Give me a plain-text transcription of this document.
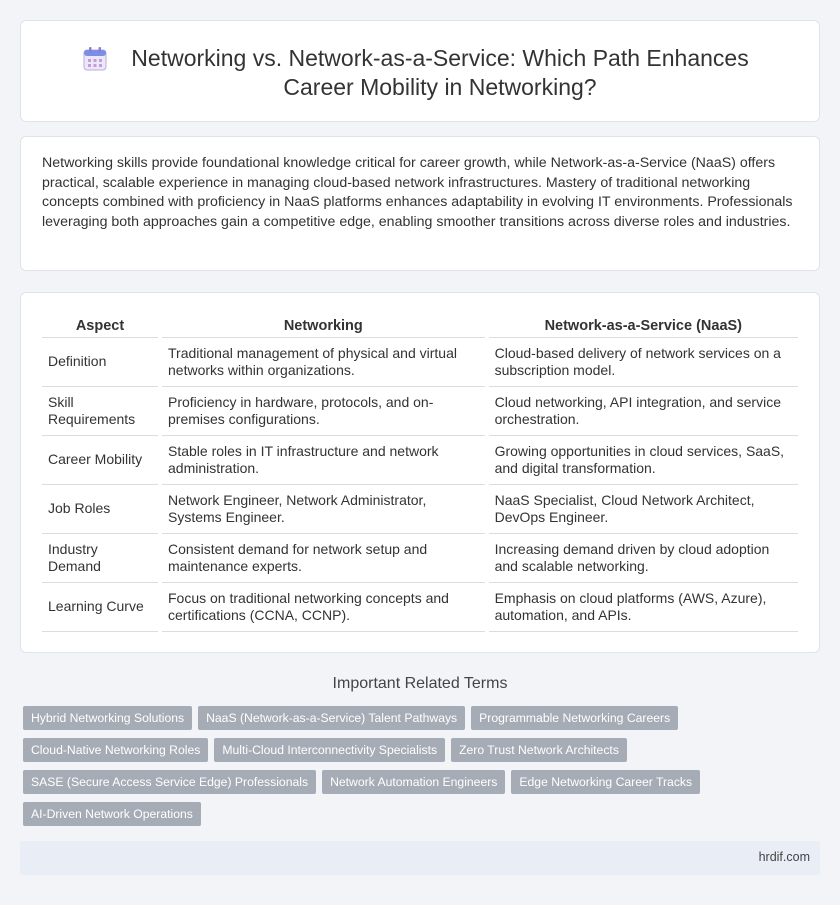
Networking vs. Network-as-a-Service: Which Path Enhances Career Mobility in Networking?

Networking skills provide foundational knowledge critical for career growth, while Network-as-a-Service (NaaS) offers practical, scalable experience in managing cloud-based network infrastructures. Mastery of traditional networking concepts combined with proficiency in NaaS platforms enhances adaptability in evolving IT environments. Professionals leveraging both approaches gain a competitive edge, enabling smoother transitions across diverse roles and industries.

Aspect		Networking		Network-as-a-Service (NaaS)
Definition		Traditional management of physical and virtual networks within organizations.		Cloud-based delivery of network services on a subscription model.
Skill Requirements		Proficiency in hardware, protocols, and on-premises configurations.		Cloud networking, API integration, and service orchestration.
Career Mobility		Stable roles in IT infrastructure and network administration.		Growing opportunities in cloud services, SaaS, and digital transformation.
Job Roles		Network Engineer, Network Administrator, Systems Engineer.		NaaS Specialist, Cloud Network Architect, DevOps Engineer.
Industry Demand		Consistent demand for network setup and maintenance experts.		Increasing demand driven by cloud adoption and scalable networking.
Learning Curve		Focus on traditional networking concepts and certifications (CCNA, CCNP).		Emphasis on cloud platforms (AWS, Azure), automation, and APIs.
Important Related Terms
Hybrid Networking Solutions	NaaS (Network-as-a-Service) Talent Pathways	Programmable Networking Careers
Cloud-Native Networking Roles	Multi-Cloud Interconnectivity Specialists	Zero Trust Network Architects
SASE (Secure Access Service Edge) Professionals	Network Automation Engineers	Edge Networking Career Tracks
AI-Driven Network Operations
hrdif.com
